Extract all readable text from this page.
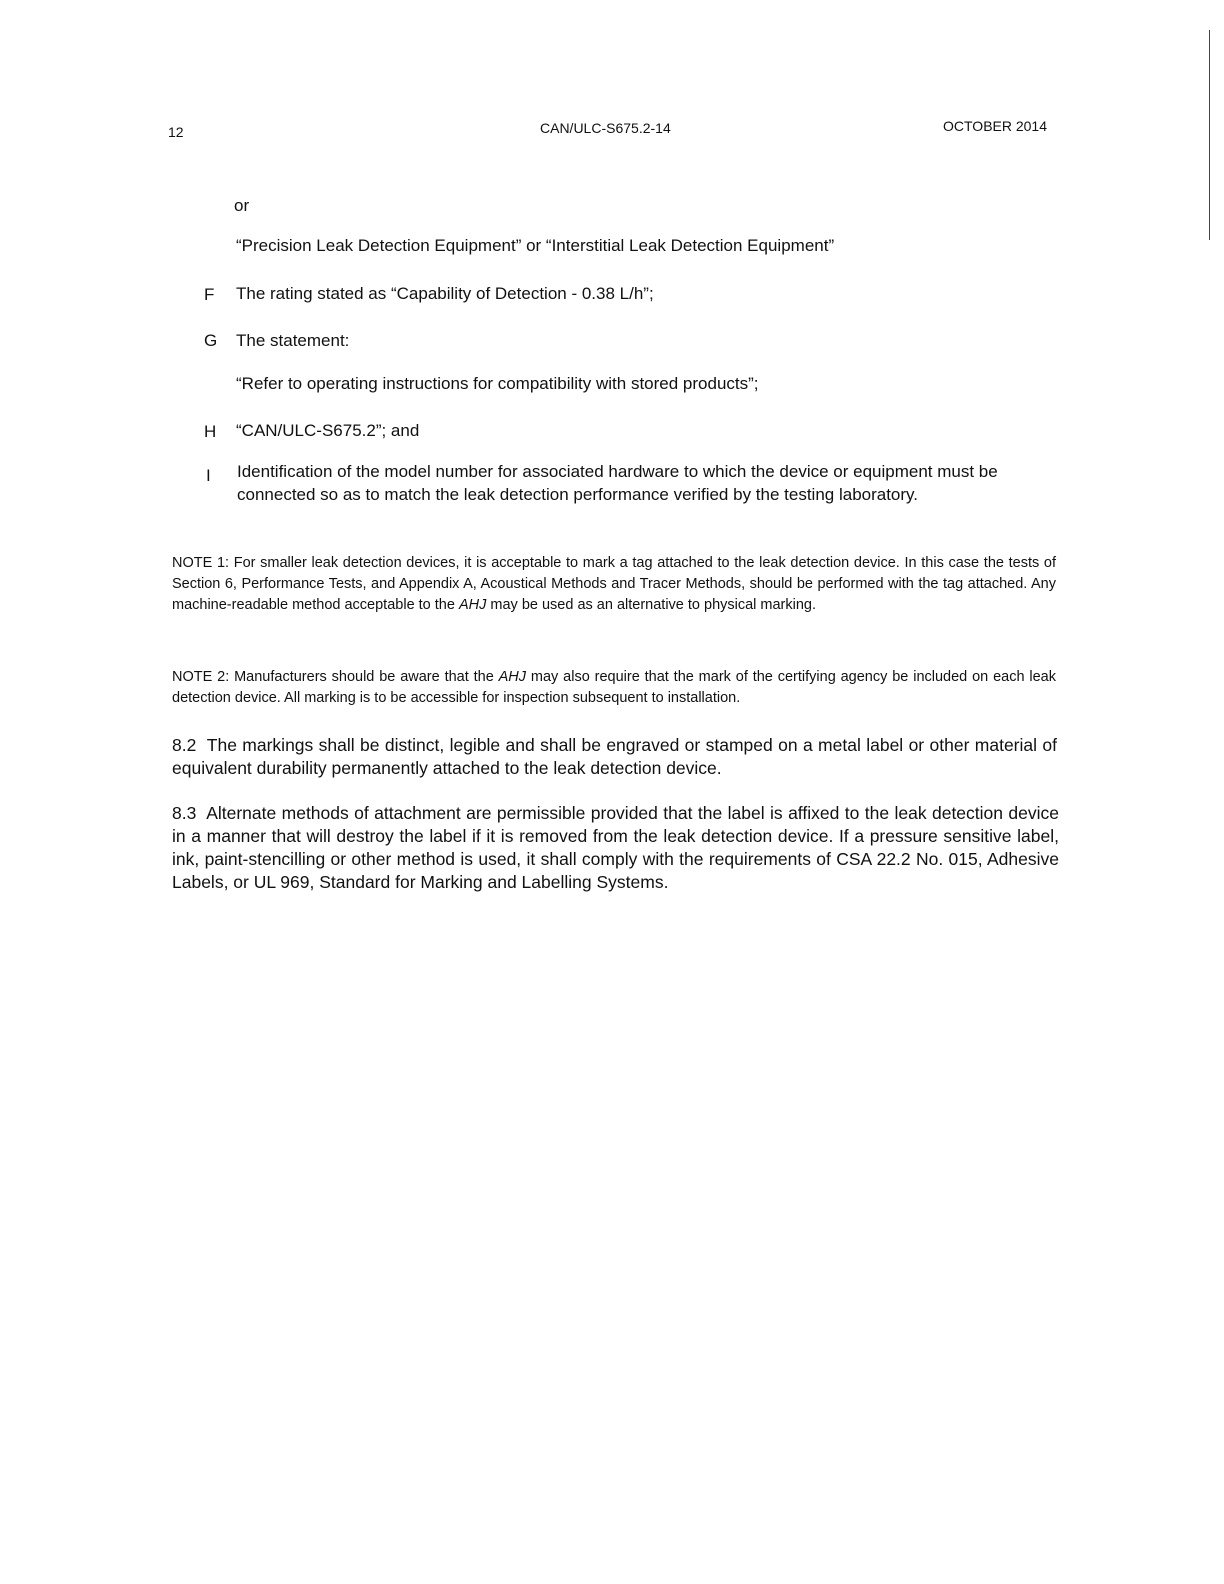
12	CAN/ULC-S675.2-14	OCTOBER 2014
or
“Precision Leak Detection Equipment” or “Interstitial Leak Detection Equipment”
F The rating stated as “Capability of Detection - 0.38 L/h”;
G The statement:
“Refer to operating instructions for compatibility with stored products”;
H “CAN/ULC-S675.2”; and
I Identification of the model number for associated hardware to which the device or equipment must be connected so as to match the leak detection performance verified by the testing laboratory.
NOTE 1: For smaller leak detection devices, it is acceptable to mark a tag attached to the leak detection device. In this case the tests of Section 6, Performance Tests, and Appendix A, Acoustical Methods and Tracer Methods, should be performed with the tag attached. Any machine-readable method acceptable to the AHJ may be used as an alternative to physical marking.
NOTE 2: Manufacturers should be aware that the AHJ may also require that the mark of the certifying agency be included on each leak detection device. All marking is to be accessible for inspection subsequent to installation.
8.2 The markings shall be distinct, legible and shall be engraved or stamped on a metal label or other material of equivalent durability permanently attached to the leak detection device.
8.3 Alternate methods of attachment are permissible provided that the label is affixed to the leak detection device in a manner that will destroy the label if it is removed from the leak detection device. If a pressure sensitive label, ink, paint-stencilling or other method is used, it shall comply with the requirements of CSA 22.2 No. 015, Adhesive Labels, or UL 969, Standard for Marking and Labelling Systems.
